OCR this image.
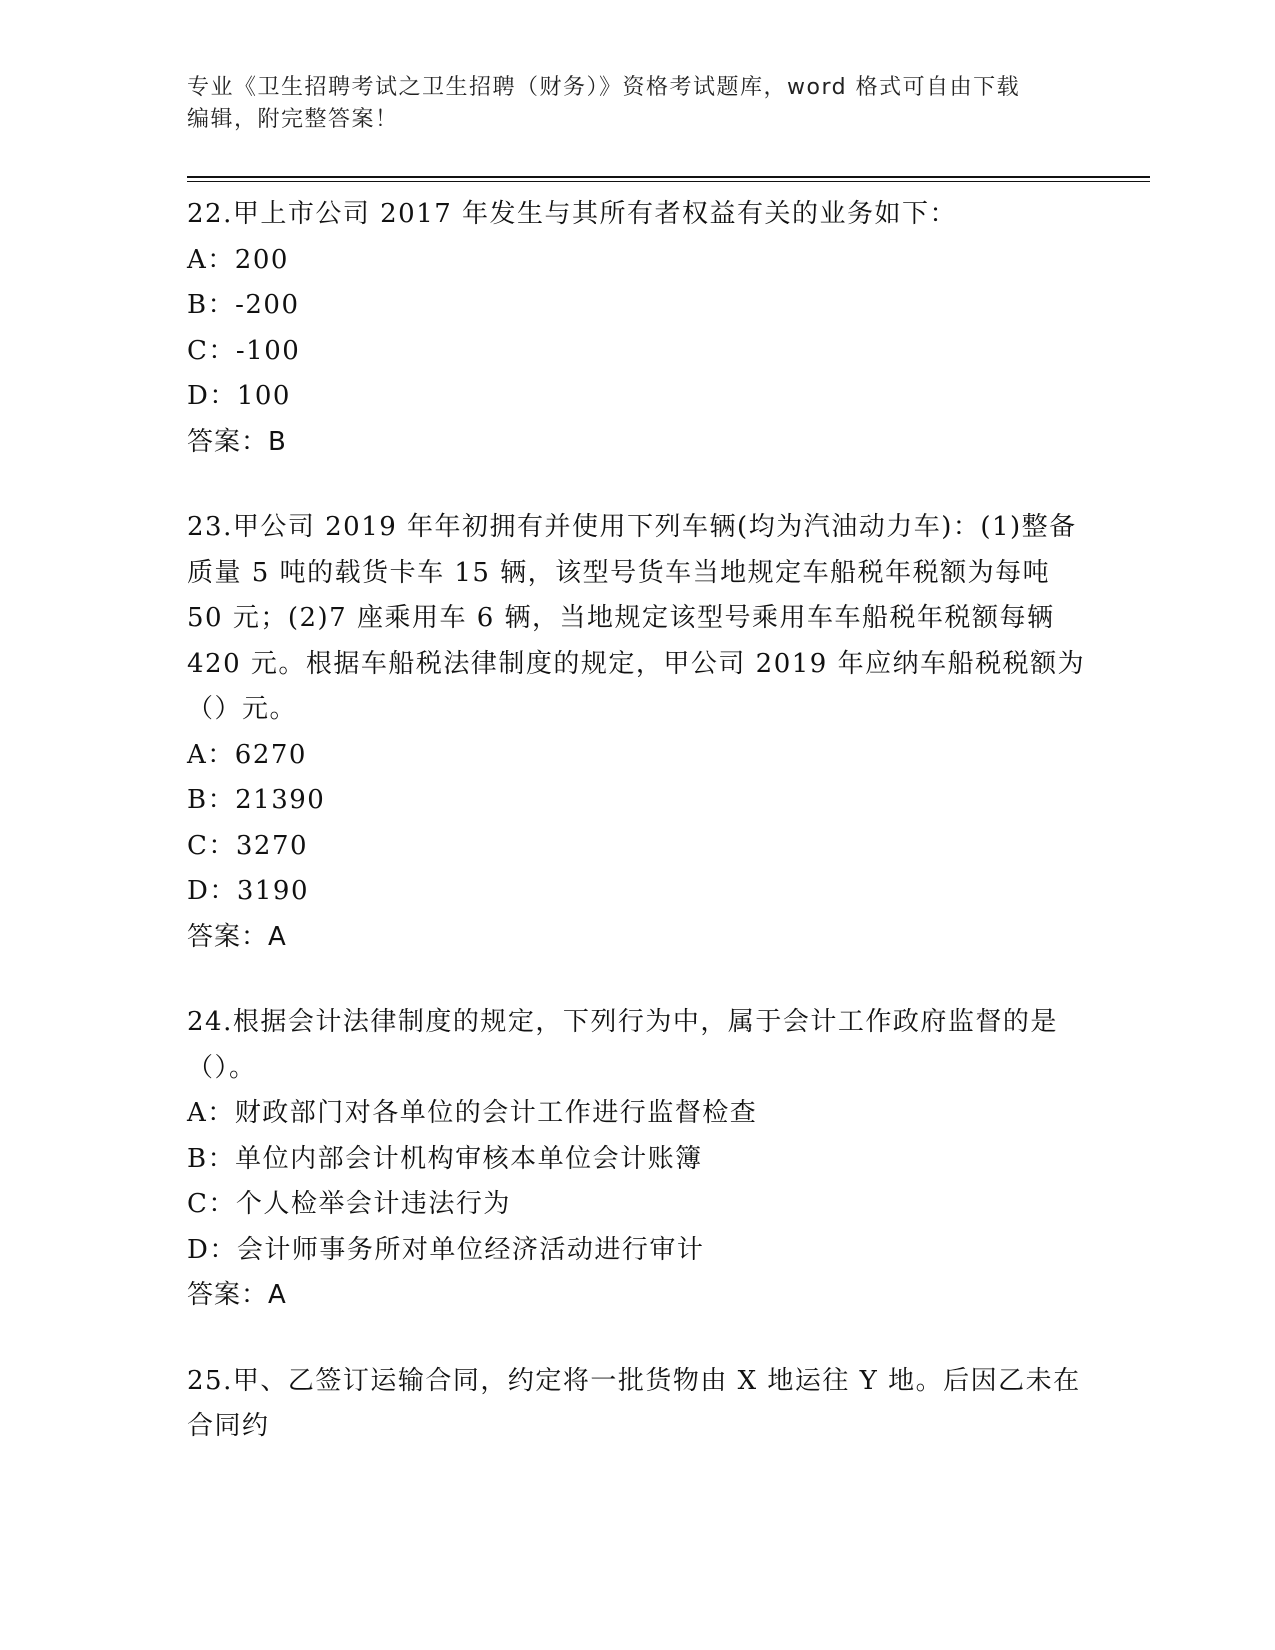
专业《卫生招聘考试之卫生招聘（财务）》资格考试题库，word 格式可自由下载
编辑，附完整答案！

22.甲上市公司 2017 年发生与其所有者权益有关的业务如下：

A：200

B：-200

C：-100

D：100

答案：B

23.甲公司 2019 年年初拥有并使用下列车辆(均为汽油动力车)：(1)整备质量 5 吨的载货卡车 15 辆，该型号货车当地规定车船税年税额为每吨 50 元；(2)7 座乘用车 6 辆，当地规定该型号乘用车车船税年税额每辆 420 元。根据车船税法律制度的规定，甲公司 2019 年应纳车船税税额为（）元。

A：6270

B：21390

C：3270

D：3190

答案：A

24.根据会计法律制度的规定，下列行为中，属于会计工作政府监督的是（）。

A：财政部门对各单位的会计工作进行监督检查

B：单位内部会计机构审核本单位会计账簿

C：个人检举会计违法行为

D：会计师事务所对单位经济活动进行审计

答案：A

25.甲、乙签订运输合同，约定将一批货物由 X 地运往 Y 地。后因乙未在合同约
